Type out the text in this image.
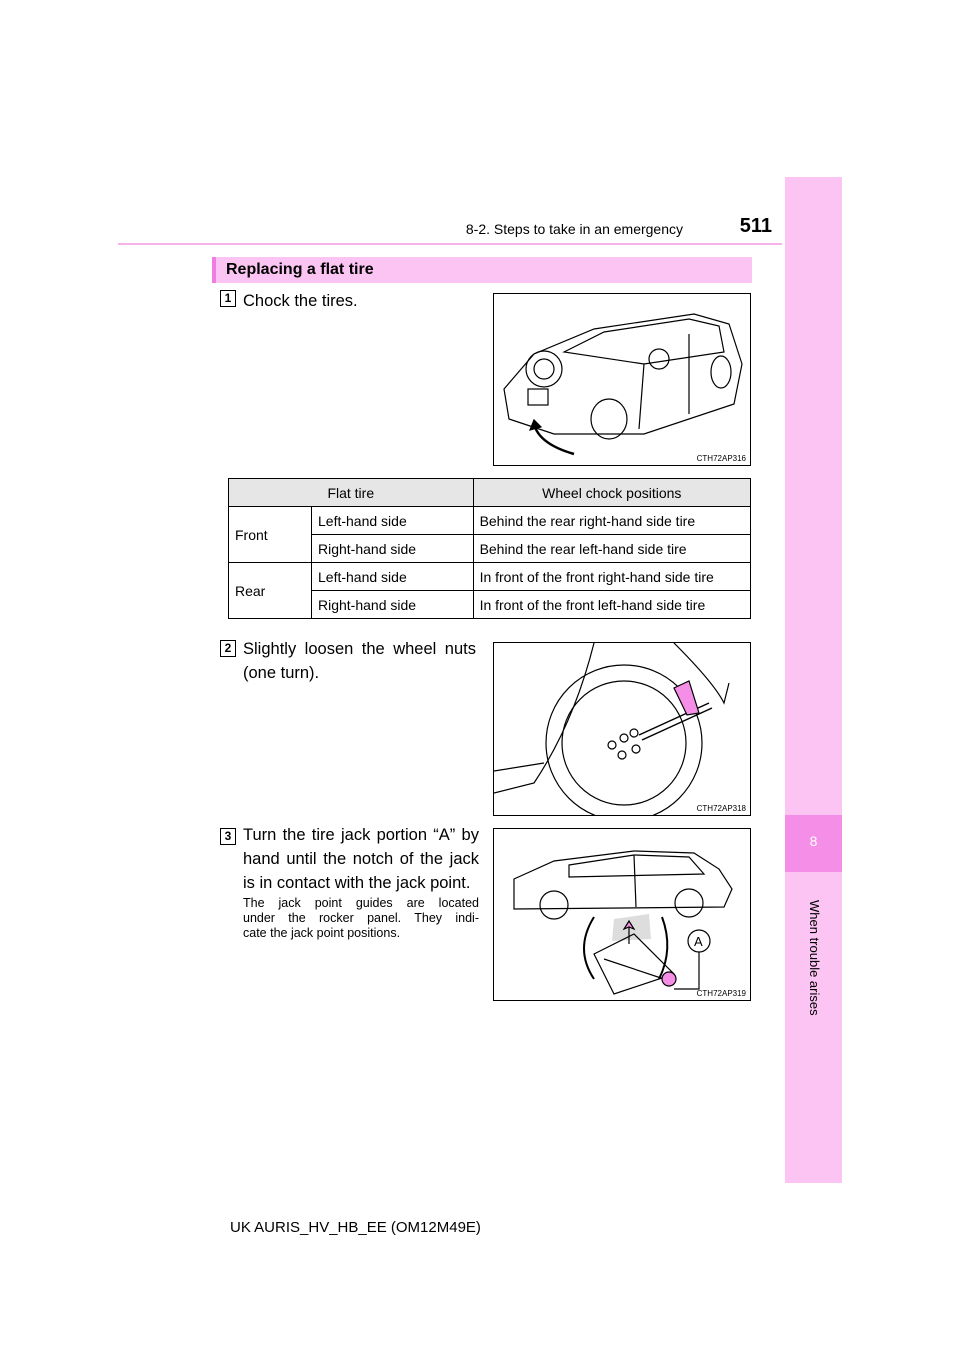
8-2. Steps to take in an emergency	511
8
When trouble arises
Replacing a flat tire
1 Chock the tires.
CTH72AP316
Flat tire		Wheel chock positions
Front	Left-hand side	Behind the rear right-hand side tire
	Right-hand side	Behind the rear left-hand side tire
Rear	Left-hand side	In front of the front right-hand side tire
	Right-hand side	In front of the front left-hand side tire
2 Slightly loosen the wheel nuts
(one turn).
CTH72AP318
3 Turn the tire jack portion “A” by
hand until the notch of the jack
is in contact with the jack point.
The jack point guides are located
under the rocker panel. They indi-
cate the jack point positions.
A
CTH72AP319
UK AURIS_HV_HB_EE (OM12M49E)
